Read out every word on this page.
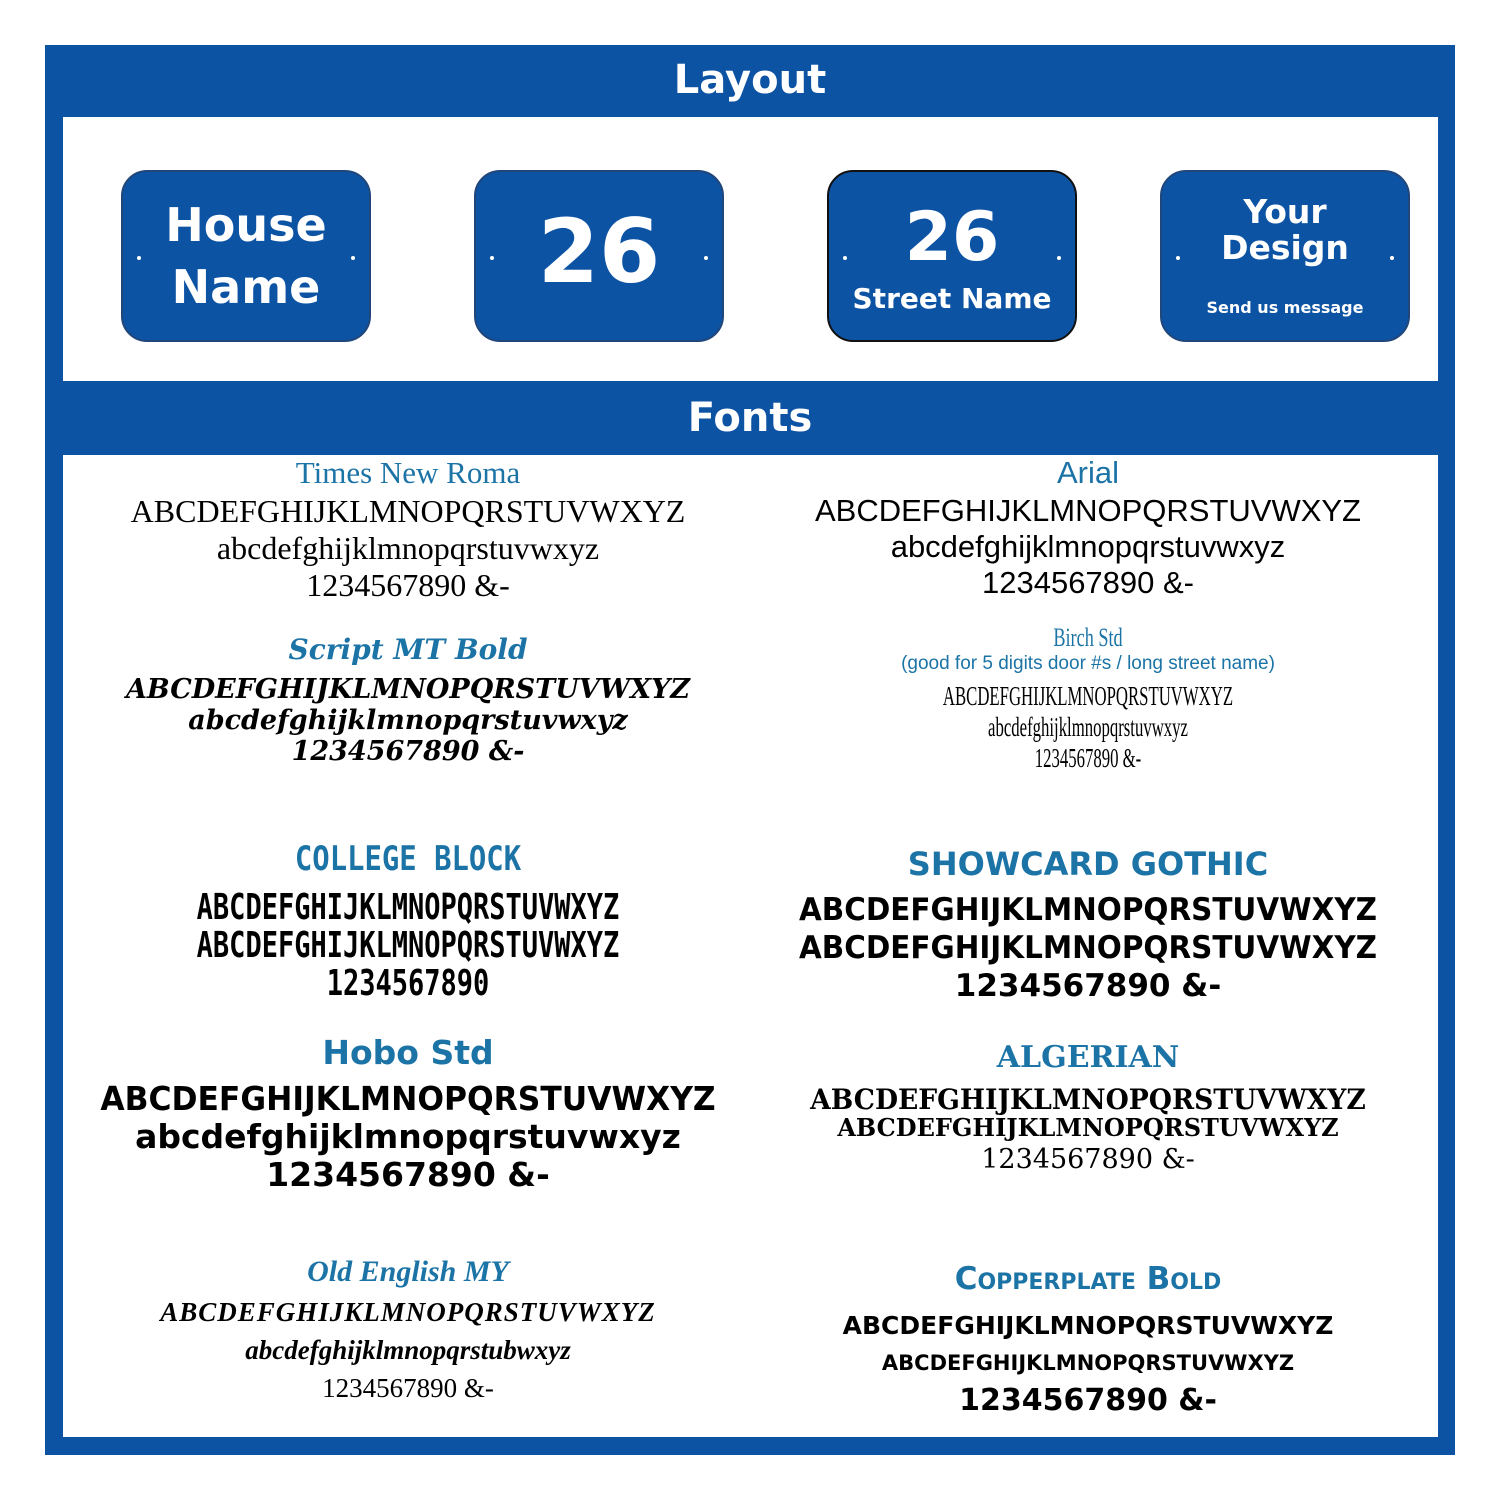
Layout
House
Name	26	26
Street Name
Your
Design
Send us message
Fonts
Times New Roma
ABCDEFGHIJKLMNOPQRSTUVWXYZ
abcdefghijklmnopqrstuvwxyz
1234567890 &-
Arial
ABCDEFGHIJKLMNOPQRSTUVWXYZ
abcdefghijklmnopqrstuvwxyz
1234567890 &-
Script MT Bold
ABCDEFGHIJKLMNOPQRSTUVWXYZ
abcdefghijklmnopqrstuvwxyz
1234567890 &-
Birch Std
(good for 5 digits door #s / long street name)
ABCDEFGHIJKLMNOPQRSTUVWXYZ
abcdefghijklmnopqrstuvwxyz
1234567890 &-
COLLEGE BLOCK
ABCDEFGHIJKLMNOPQRSTUVWXYZ
ABCDEFGHIJKLMNOPQRSTUVWXYZ
1234567890
SHOWCARD GOTHIC
ABCDEFGHIJKLMNOPQRSTUVWXYZ
ABCDEFGHIJKLMNOPQRSTUVWXYZ
1234567890 &-
Hobo Std
ABCDEFGHIJKLMNOPQRSTUVWXYZ
abcdefghijklmnopqrstuvwxyz
1234567890 &-
ALGERIAN
ABCDEFGHIJKLMNOPQRSTUVWXYZ
ABCDEFGHIJKLMNOPQRSTUVWXYZ
1234567890 &-
Old English MY
ABCDEFGHIJKLMNOPQRSTUVWXYZ
abcdefghijklmnopqrstubwxyz
1234567890 &-
Copperplate Bold
ABCDEFGHIJKLMNOPQRSTUVWXYZ
ABCDEFGHIJKLMNOPQRSTUVWXYZ
1234567890 &-
